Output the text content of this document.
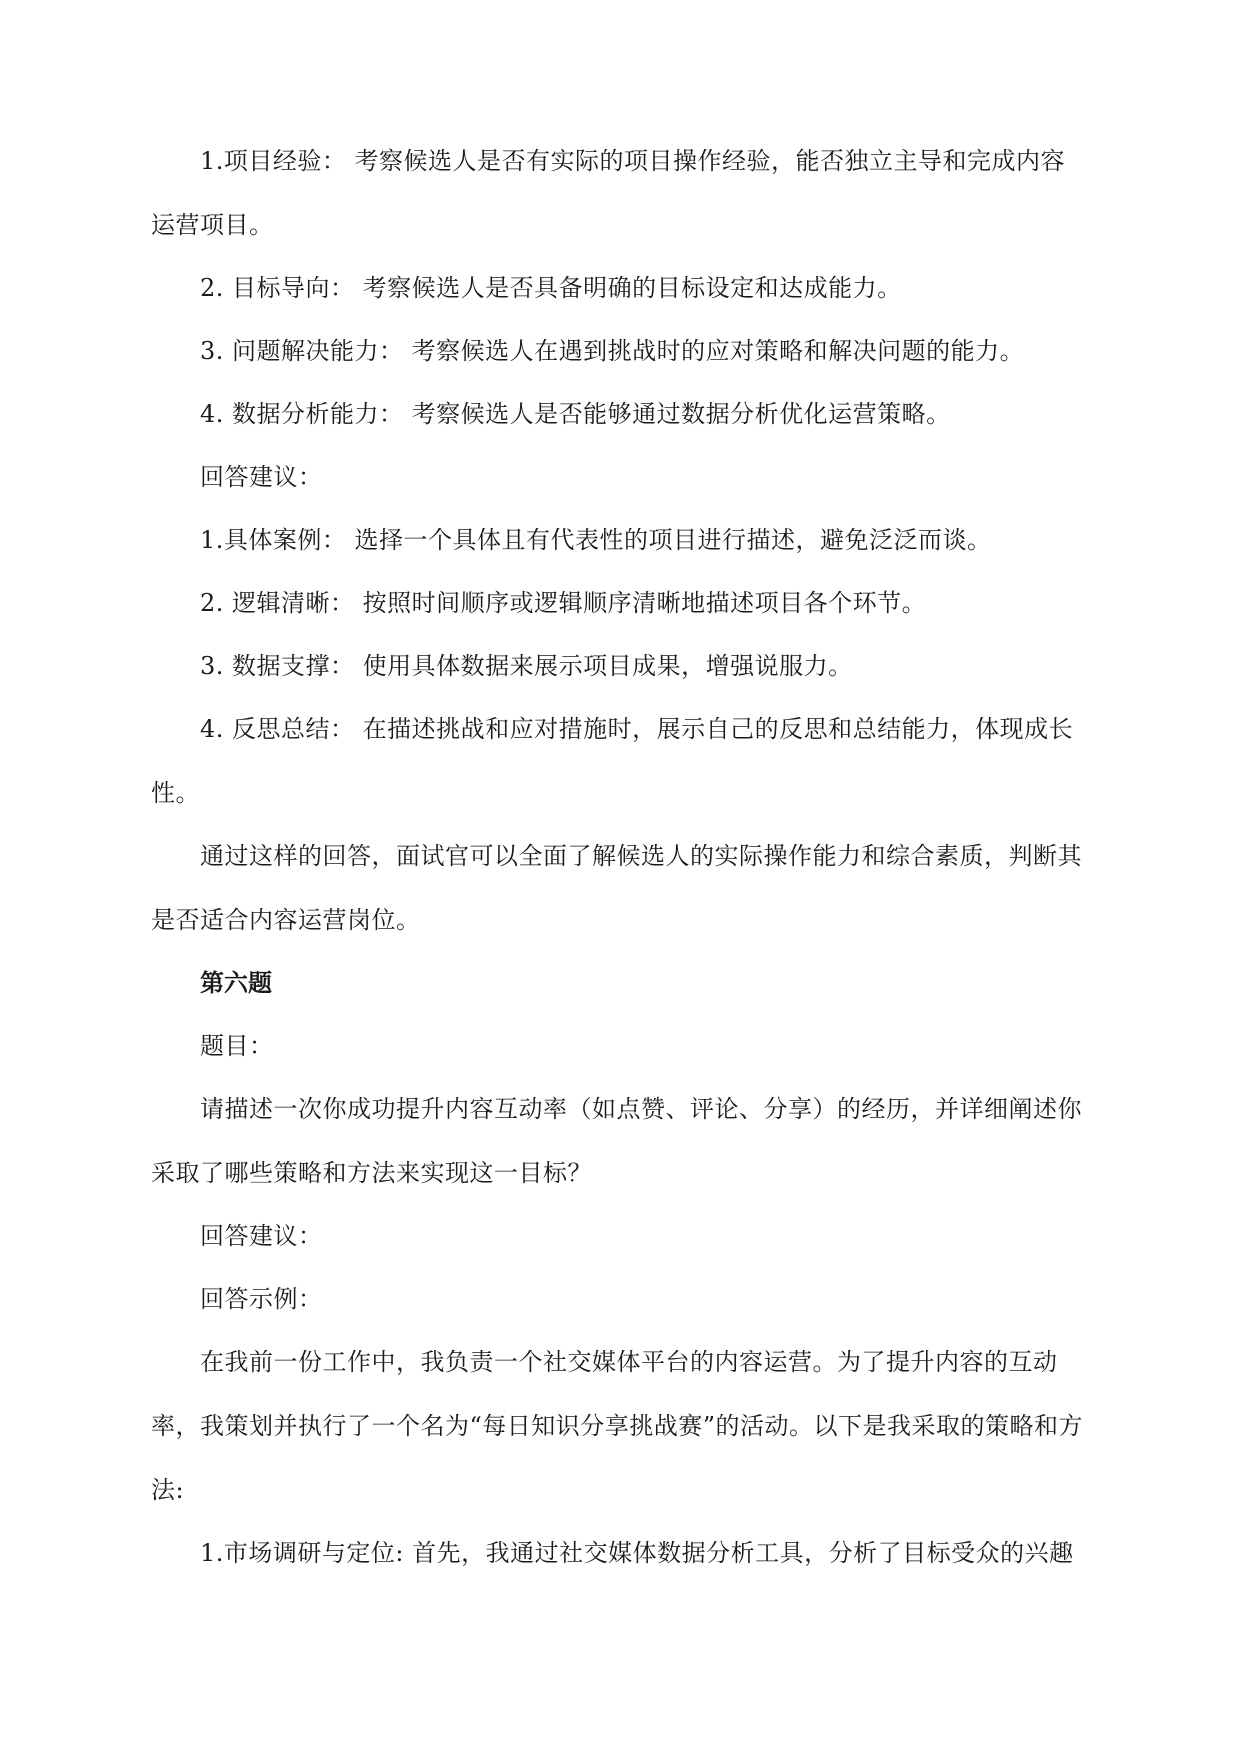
1.项目经验： 考察候选人是否有实际的项目操作经验，能否独立主导和完成内容运营项目。

2. 目标导向： 考察候选人是否具备明确的目标设定和达成能力。

3. 问题解决能力： 考察候选人在遇到挑战时的应对策略和解决问题的能力。

4. 数据分析能力： 考察候选人是否能够通过数据分析优化运营策略。

回答建议：

1.具体案例： 选择一个具体且有代表性的项目进行描述，避免泛泛而谈。

2. 逻辑清晰： 按照时间顺序或逻辑顺序清晰地描述项目各个环节。

3. 数据支撑： 使用具体数据来展示项目成果，增强说服力。

4. 反思总结： 在描述挑战和应对措施时，展示自己的反思和总结能力，体现成长性。

通过这样的回答，面试官可以全面了解候选人的实际操作能力和综合素质，判断其是否适合内容运营岗位。

第六题

题目：

请描述一次你成功提升内容互动率（如点赞、评论、分享）的经历，并详细阐述你采取了哪些策略和方法来实现这一目标？

回答建议：

回答示例：

在我前一份工作中，我负责一个社交媒体平台的内容运营。为了提升内容的互动率，我策划并执行了一个名为“每日知识分享挑战赛”的活动。以下是我采取的策略和方法:

1.市场调研与定位: 首先，我通过社交媒体数据分析工具，分析了目标受众的兴趣
